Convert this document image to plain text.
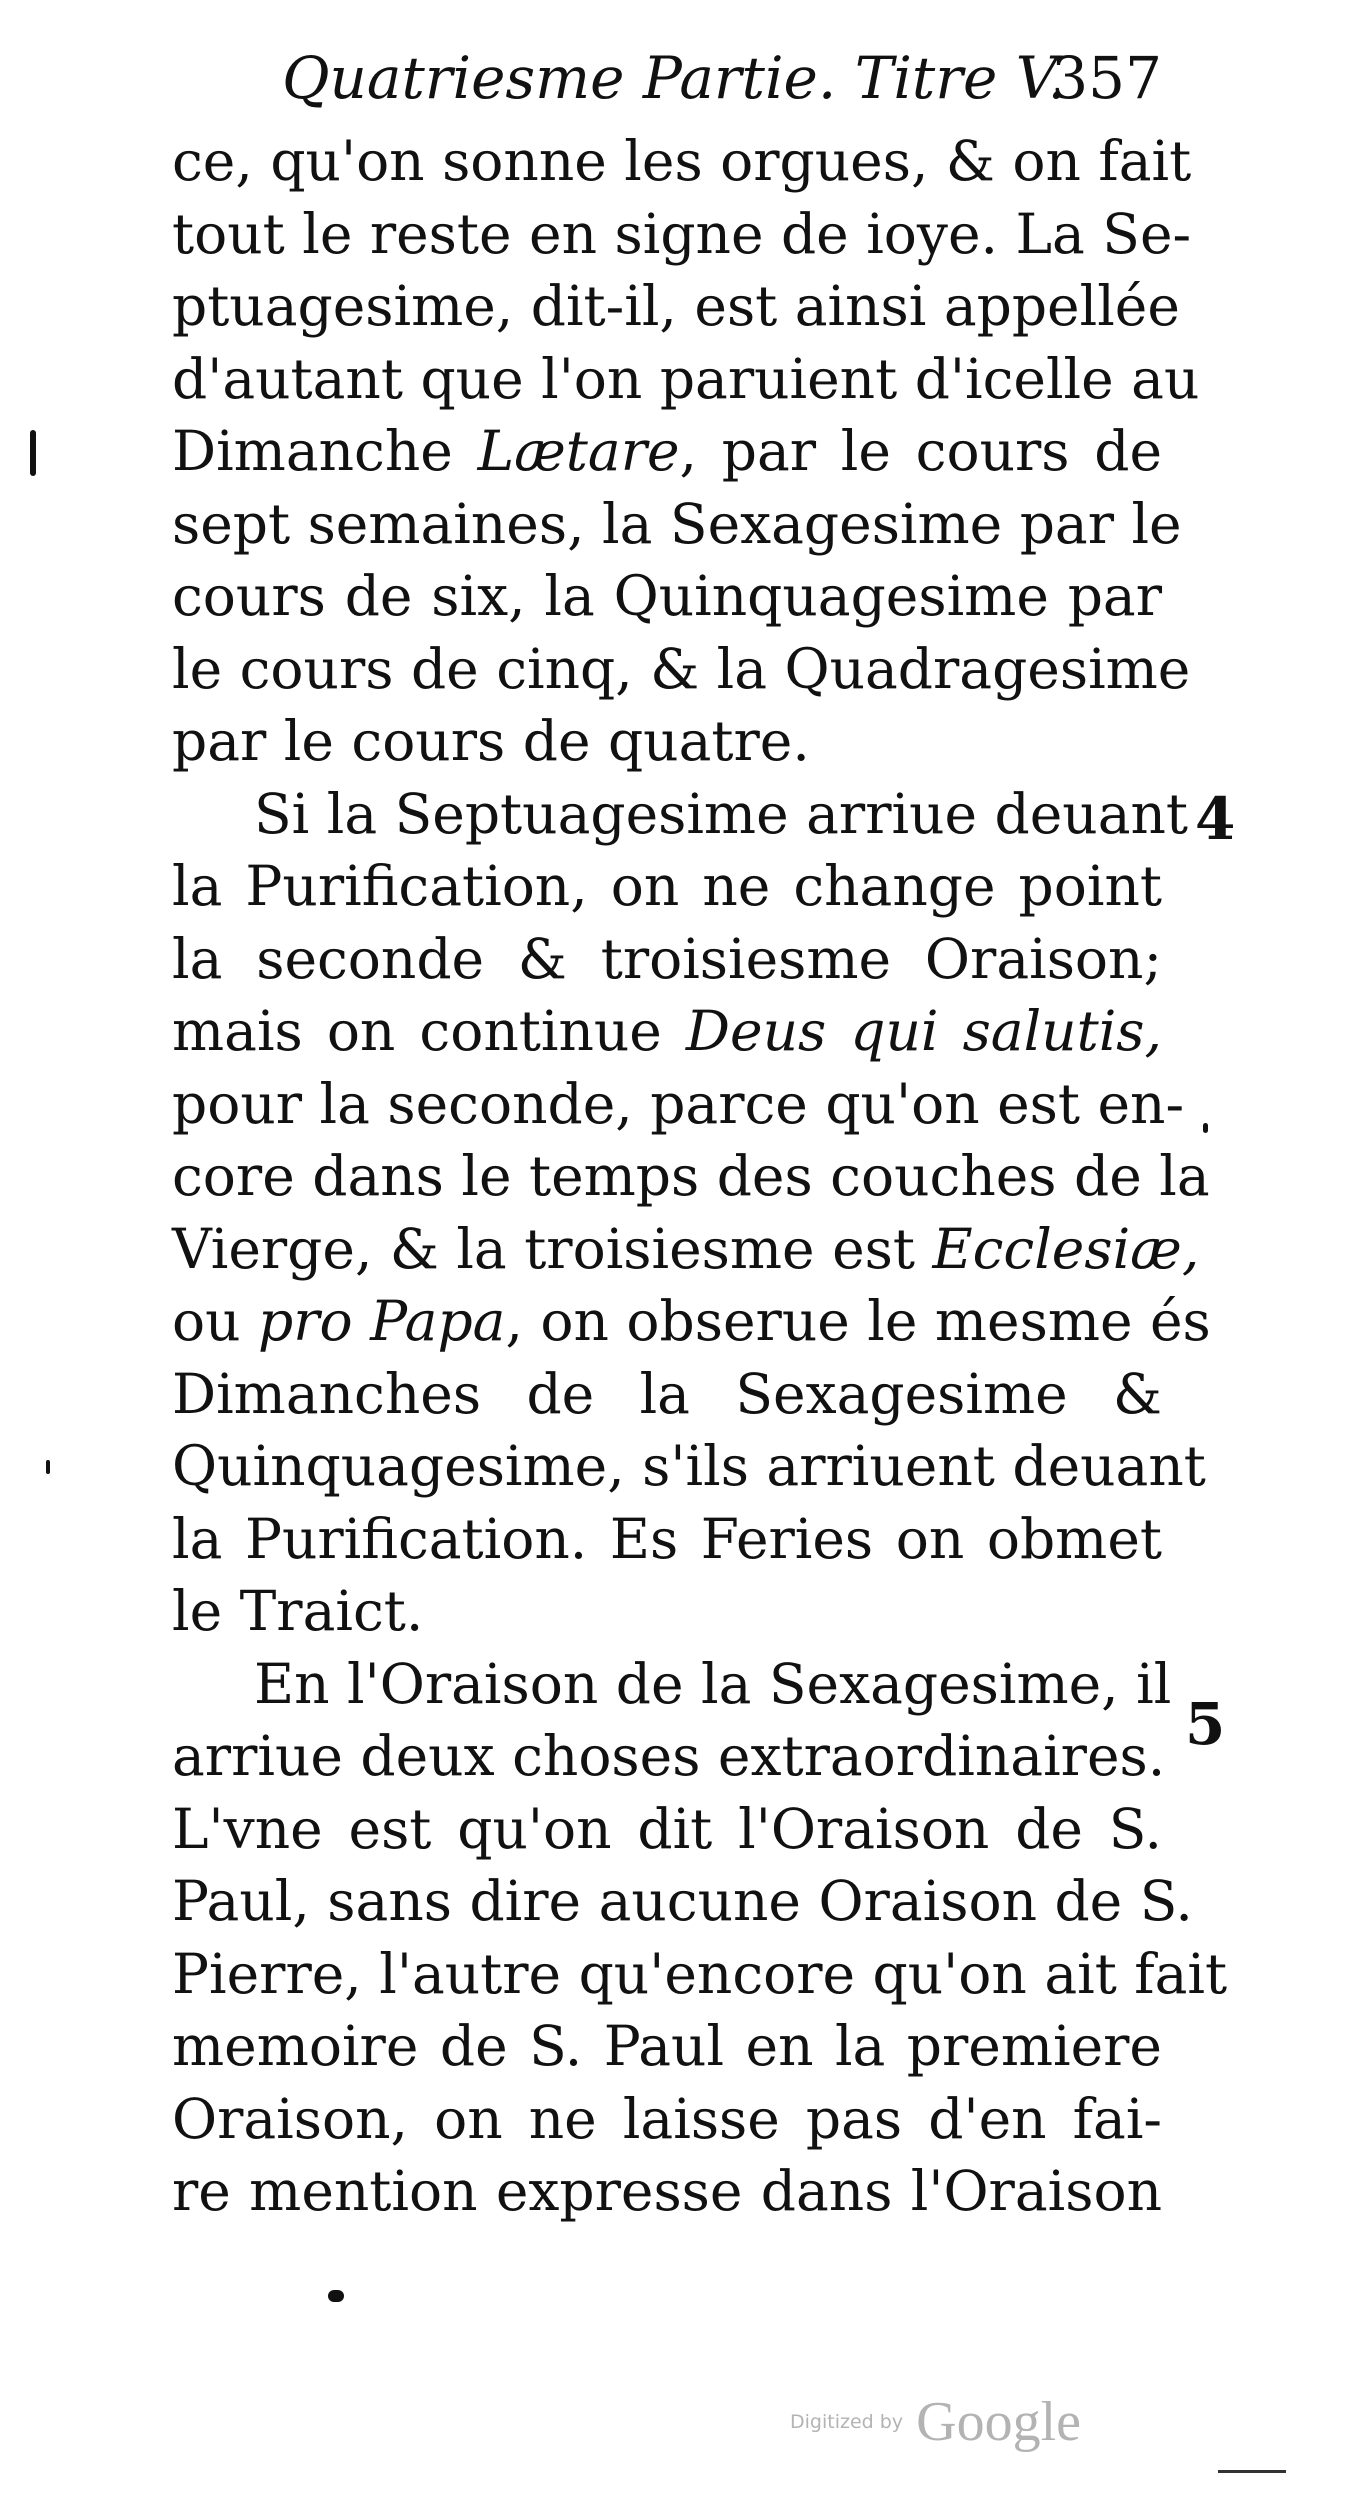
Quatriesme Partie. Titre V.
357
ce, qu'on sonne les orgues, & on fait
tout le reste en signe de ioye. La Se-
ptuagesime, dit-il, est ainsi appellée
d'autant que l'on paruient d'icelle au
Dimanche Lætare, par le cours de
sept semaines, la Sexagesime par le
cours de six, la Quinquagesime par
le cours de cinq, & la Quadragesime
par le cours de quatre.
Si la Septuagesime arriue deuant
la Purification, on ne change point
la seconde & troisiesme Oraison;
mais on continue Deus qui salutis,
pour la seconde, parce qu'on est en-
core dans le temps des couches de la
Vierge, & la troisiesme est Ecclesiæ,
ou pro Papa, on obserue le mesme és
Dimanches de la Sexagesime &
Quinquagesime, s'ils arriuent deuant
la Purification. Es Feries on obmet
le Traict.
En l'Oraison de la Sexagesime, il
arriue deux choses extraordinaires.
L'vne est qu'on dit l'Oraison de S.
Paul, sans dire aucune Oraison de S.
Pierre, l'autre qu'encore qu'on ait fait
memoire de S. Paul en la premiere
Oraison, on ne laisse pas d'en fai-
re mention expresse dans l'Oraison
4
5
Digitized by Google
